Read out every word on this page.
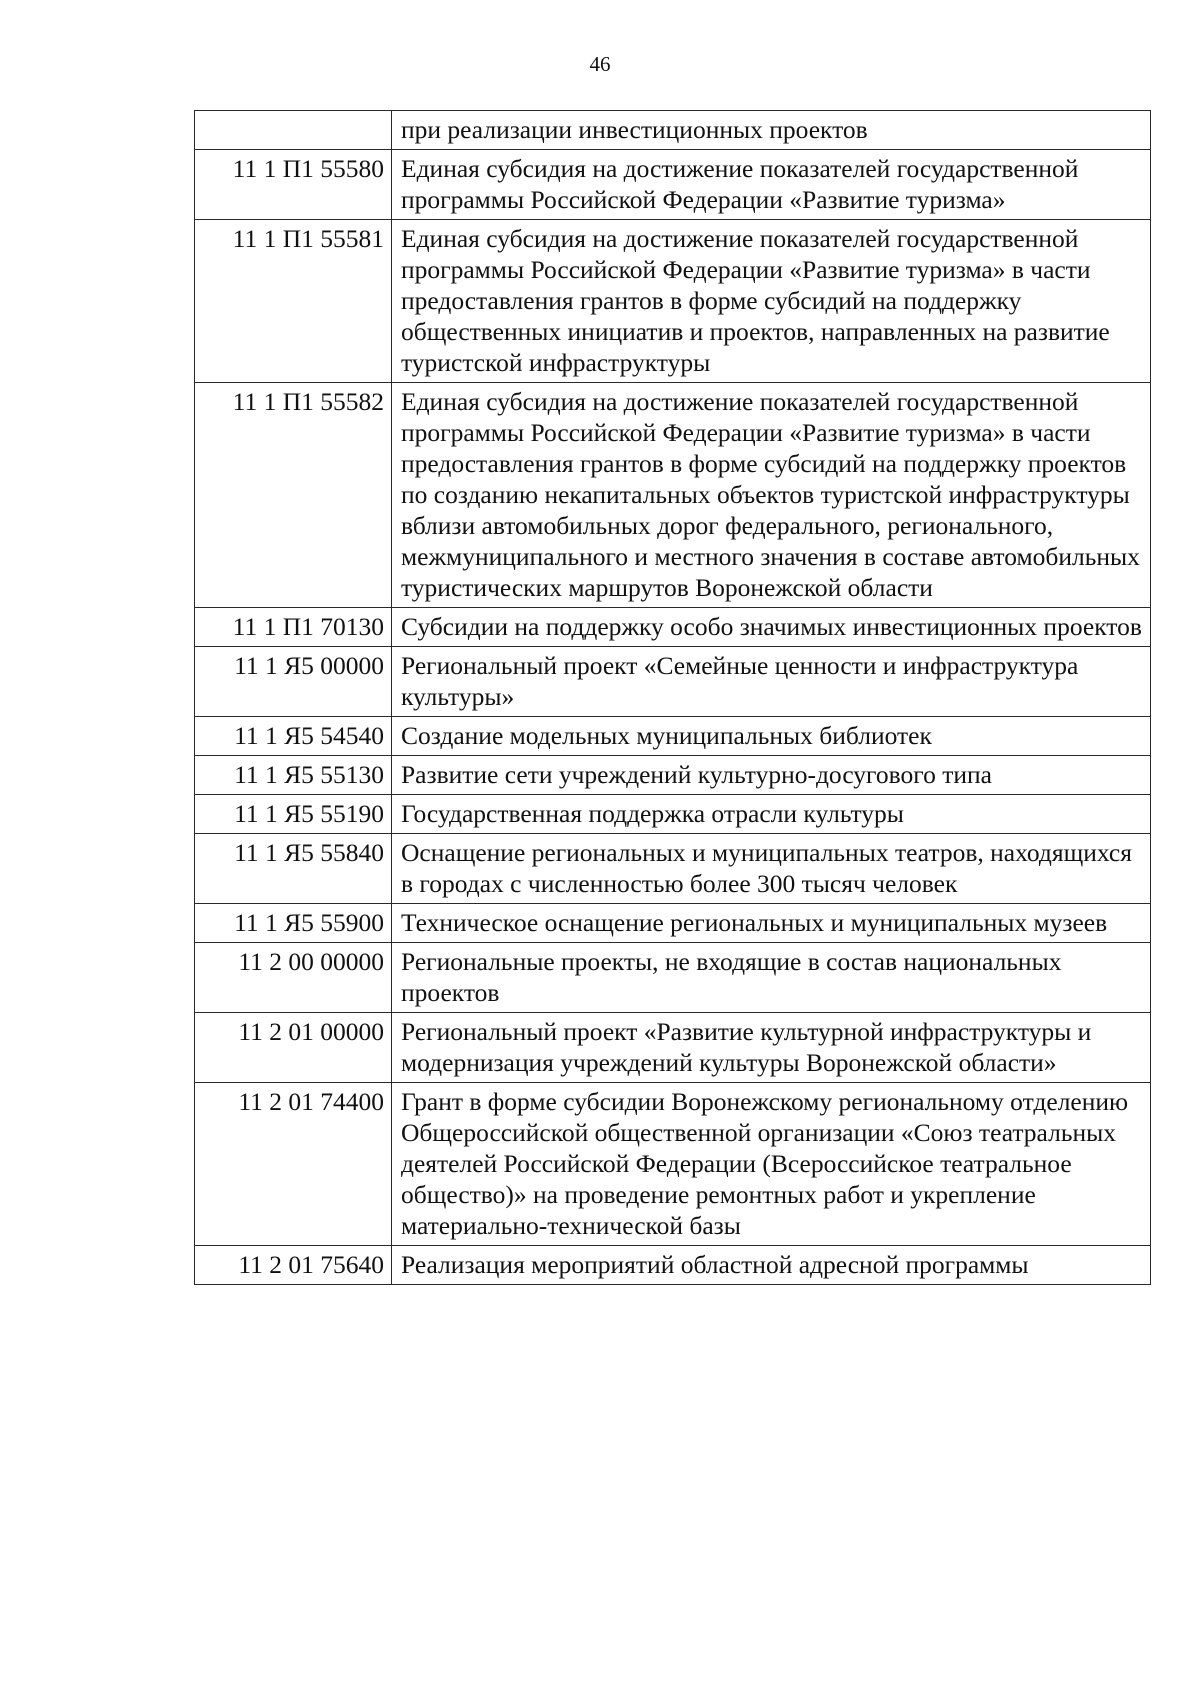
46
	при реализации инвестиционных проектов
11 1 П1 55580	Единая субсидия на достижение показателей государственной программы Российской Федерации «Развитие туризма»
11 1 П1 55581	Единая субсидия на достижение показателей государственной программы Российской Федерации «Развитие туризма» в части предоставления грантов в форме субсидий на поддержку общественных инициатив и проектов, направленных на развитие туристской инфраструктуры
11 1 П1 55582	Единая субсидия на достижение показателей государственной программы Российской Федерации «Развитие туризма» в части предоставления грантов в форме субсидий на поддержку проектов по созданию некапитальных объектов туристской инфраструктуры вблизи автомобильных дорог федерального, регионального, межмуниципального и местного значения в составе автомобильных туристических маршрутов Воронежской области
11 1 П1 70130	Субсидии на поддержку особо значимых инвестиционных проектов
11 1 Я5 00000	Региональный проект «Семейные ценности и инфраструктура культуры»
11 1 Я5 54540	Создание модельных муниципальных библиотек
11 1 Я5 55130	Развитие сети учреждений культурно-досугового типа
11 1 Я5 55190	Государственная поддержка отрасли культуры
11 1 Я5 55840	Оснащение региональных и муниципальных театров, находящихся в городах с численностью более 300 тысяч человек
11 1 Я5 55900	Техническое оснащение региональных и муниципальных музеев
11 2 00 00000	Региональные проекты, не входящие в состав национальных проектов
11 2 01 00000	Региональный проект «Развитие культурной инфраструктуры и модернизация учреждений культуры Воронежской области»
11 2 01 74400	Грант в форме субсидии Воронежскому региональному отделению Общероссийской общественной организации «Союз театральных деятелей Российской Федерации (Всероссийское театральное общество)» на проведение ремонтных работ и укрепление материально-технической базы
11 2 01 75640	Реализация мероприятий областной адресной программы
